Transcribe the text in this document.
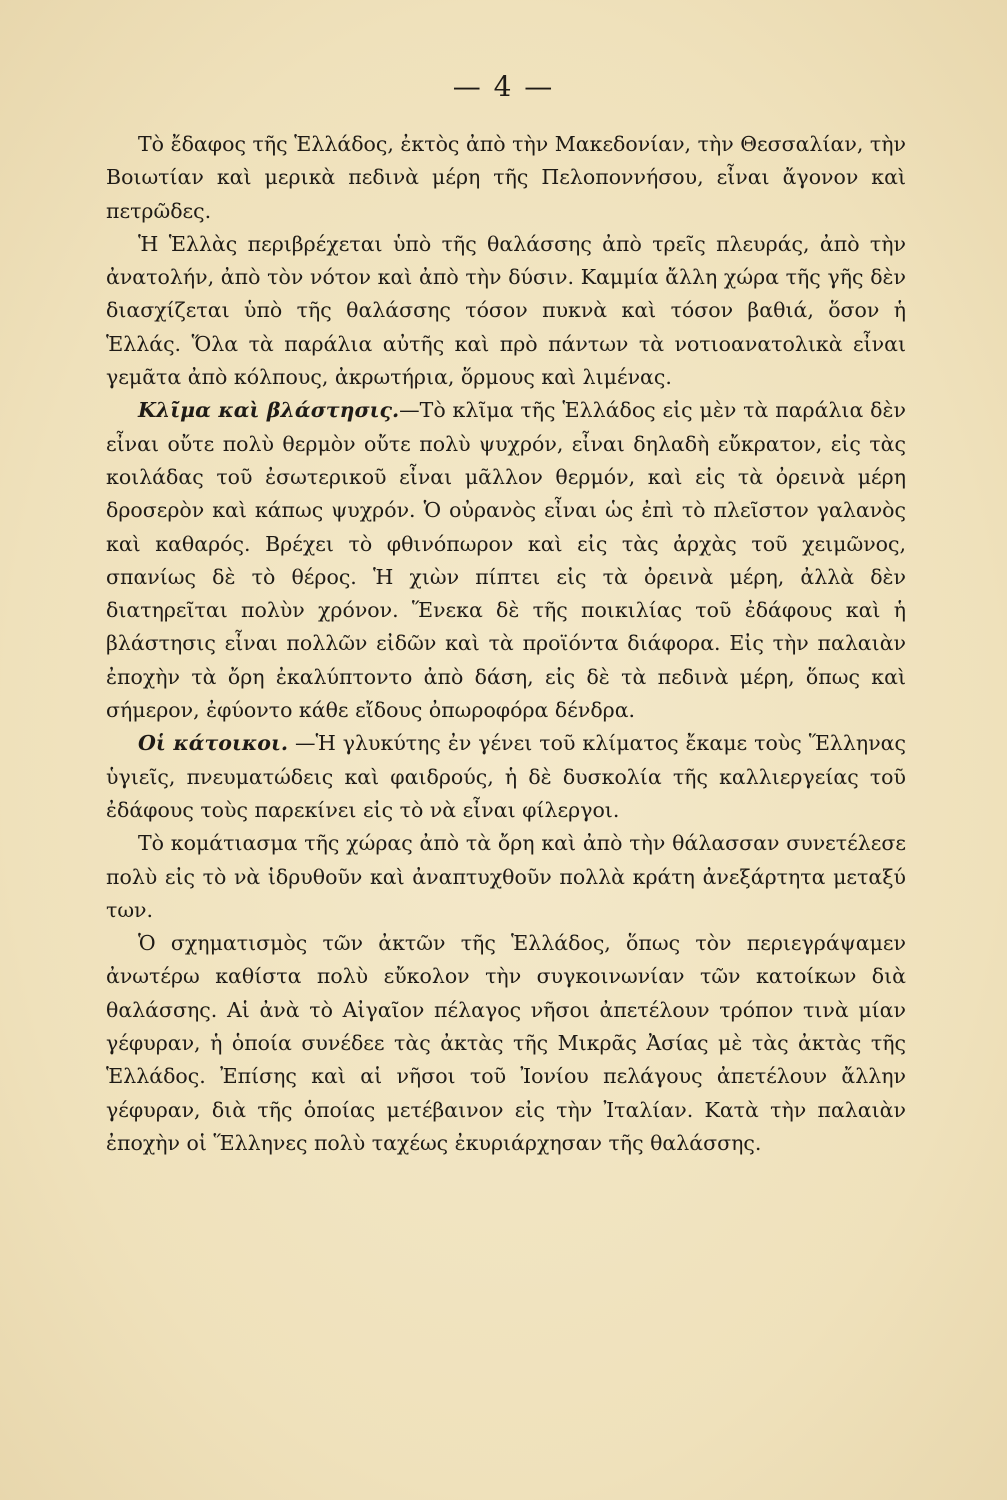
— 4 —

Τὸ ἔδαφος τῆς Ἑλλάδος, ἐκτὸς ἀπὸ τὴν Μακεδονίαν, τὴν Θεσσαλίαν, τὴν Βοιωτίαν καὶ μερικὰ πεδινὰ μέρη τῆς Πελοποννήσου, εἶναι ἄγονον καὶ πετρῶδες.

Ἡ Ἑλλὰς περιβρέχεται ὑπὸ τῆς θαλάσσης ἀπὸ τρεῖς πλευράς, ἀπὸ τὴν ἀνατολήν, ἀπὸ τὸν νότον καὶ ἀπὸ τὴν δύσιν. Καμμία ἄλλη χώρα τῆς γῆς δὲν διασχίζεται ὑπὸ τῆς θαλάσσης τόσον πυκνὰ καὶ τόσον βαθιά, ὅσον ἡ Ἑλλάς. Ὅλα τὰ παράλια αὐτῆς καὶ πρὸ πάντων τὰ νοτιοανατολικὰ εἶναι γεμᾶτα ἀπὸ κόλπους, ἀκρωτήρια, ὅρμους καὶ λιμένας.

Κλῖμα καὶ βλάστησις.—Τὸ κλῖμα τῆς Ἑλλάδος εἰς μὲν τὰ παράλια δὲν εἶναι οὔτε πολὺ θερμὸν οὔτε πολὺ ψυχρόν, εἶναι δηλαδὴ εὔκρατον, εἰς τὰς κοιλάδας τοῦ ἐσωτερικοῦ εἶναι μᾶλλον θερμόν, καὶ εἰς τὰ ὀρεινὰ μέρη δροσερὸν καὶ κάπως ψυχρόν. Ὁ οὐρανὸς εἶναι ὡς ἐπὶ τὸ πλεῖστον γαλανὸς καὶ καθαρός. Βρέχει τὸ φθινόπωρον καὶ εἰς τὰς ἀρχὰς τοῦ χειμῶνος, σπανίως δὲ τὸ θέρος. Ἡ χιὼν πίπτει εἰς τὰ ὀρεινὰ μέρη, ἀλλὰ δὲν διατηρεῖται πολὺν χρόνον. Ἕνεκα δὲ τῆς ποικιλίας τοῦ ἐδάφους καὶ ἡ βλάστησις εἶναι πολλῶν εἰδῶν καὶ τὰ προϊόντα διάφορα. Εἰς τὴν παλαιὰν ἐποχὴν τὰ ὄρη ἐκαλύπτοντο ἀπὸ δάση, εἰς δὲ τὰ πεδινὰ μέρη, ὅπως καὶ σήμερον, ἐφύοντο κάθε εἴδους ὀπωροφόρα δένδρα.

Οἱ κάτοικοι. —Ἡ γλυκύτης ἐν γένει τοῦ κλίματος ἔκαμε τοὺς Ἕλληνας ὑγιεῖς, πνευματώδεις καὶ φαιδρούς, ἡ δὲ δυσκολία τῆς καλλιεργείας τοῦ ἐδάφους τοὺς παρεκίνει εἰς τὸ νὰ εἶναι φίλεργοι.

Τὸ κομάτιασμα τῆς χώρας ἀπὸ τὰ ὄρη καὶ ἀπὸ τὴν θάλασσαν συνετέλεσε πολὺ εἰς τὸ νὰ ἱδρυθοῦν καὶ ἀναπτυχθοῦν πολλὰ κράτη ἀνεξάρτητα μεταξύ των.

Ὁ σχηματισμὸς τῶν ἀκτῶν τῆς Ἑλλάδος, ὅπως τὸν περιεγράψαμεν ἀνωτέρω καθίστα πολὺ εὔκολον τὴν συγκοινωνίαν τῶν κατοίκων διὰ θαλάσσης. Αἱ ἀνὰ τὸ Αἰγαῖον πέλαγος νῆσοι ἀπετέλουν τρόπον τινὰ μίαν γέφυραν, ἡ ὁποία συνέδεε τὰς ἀκτὰς τῆς Μικρᾶς Ἀσίας μὲ τὰς ἀκτὰς τῆς Ἑλλάδος. Ἐπίσης καὶ αἱ νῆσοι τοῦ Ἰονίου πελάγους ἀπετέλουν ἄλλην γέφυραν, διὰ τῆς ὁποίας μετέβαινον εἰς τὴν Ἰταλίαν. Κατὰ τὴν παλαιὰν ἐποχὴν οἱ Ἕλληνες πολὺ ταχέως ἐκυριάρχησαν τῆς θαλάσσης.
